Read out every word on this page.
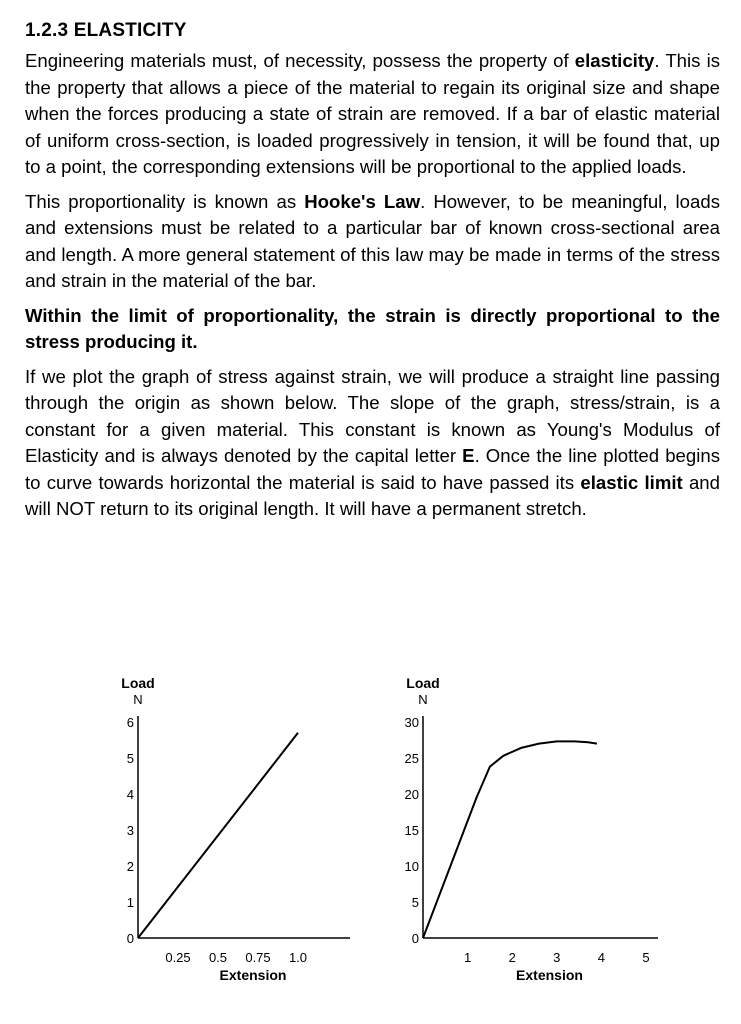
1.2.3 ELASTICITY

Engineering materials must, of necessity, possess the property of elasticity. This is the property that allows a piece of the material to regain its original size and shape when the forces producing a state of strain are removed. If a bar of elastic material of uniform cross-section, is loaded progressively in tension, it will be found that, up to a point, the corresponding extensions will be proportional to the applied loads.

This proportionality is known as Hooke's Law. However, to be meaningful, loads and extensions must be related to a particular bar of known cross-sectional area and length. A more general statement of this law may be made in terms of the stress and strain in the material of the bar.

Within the limit of proportionality, the strain is directly proportional to the stress producing it.

If we plot the graph of stress against strain, we will produce a straight line passing through the origin as shown below. The slope of the graph, stress/strain, is a constant for a given material. This constant is known as Young's Modulus of Elasticity and is always denoted by the capital letter E. Once the line plotted begins to curve towards horizontal the material is said to have passed its elastic limit and will NOT return to its original length. It will have a permanent stretch.

Load
N
0
1
2
3
4
5
6
0.25 0.5 0.75 1.0
Extension
Load
N
0
5
10
15
20
25
30
1	2	3	4	5
Extension
